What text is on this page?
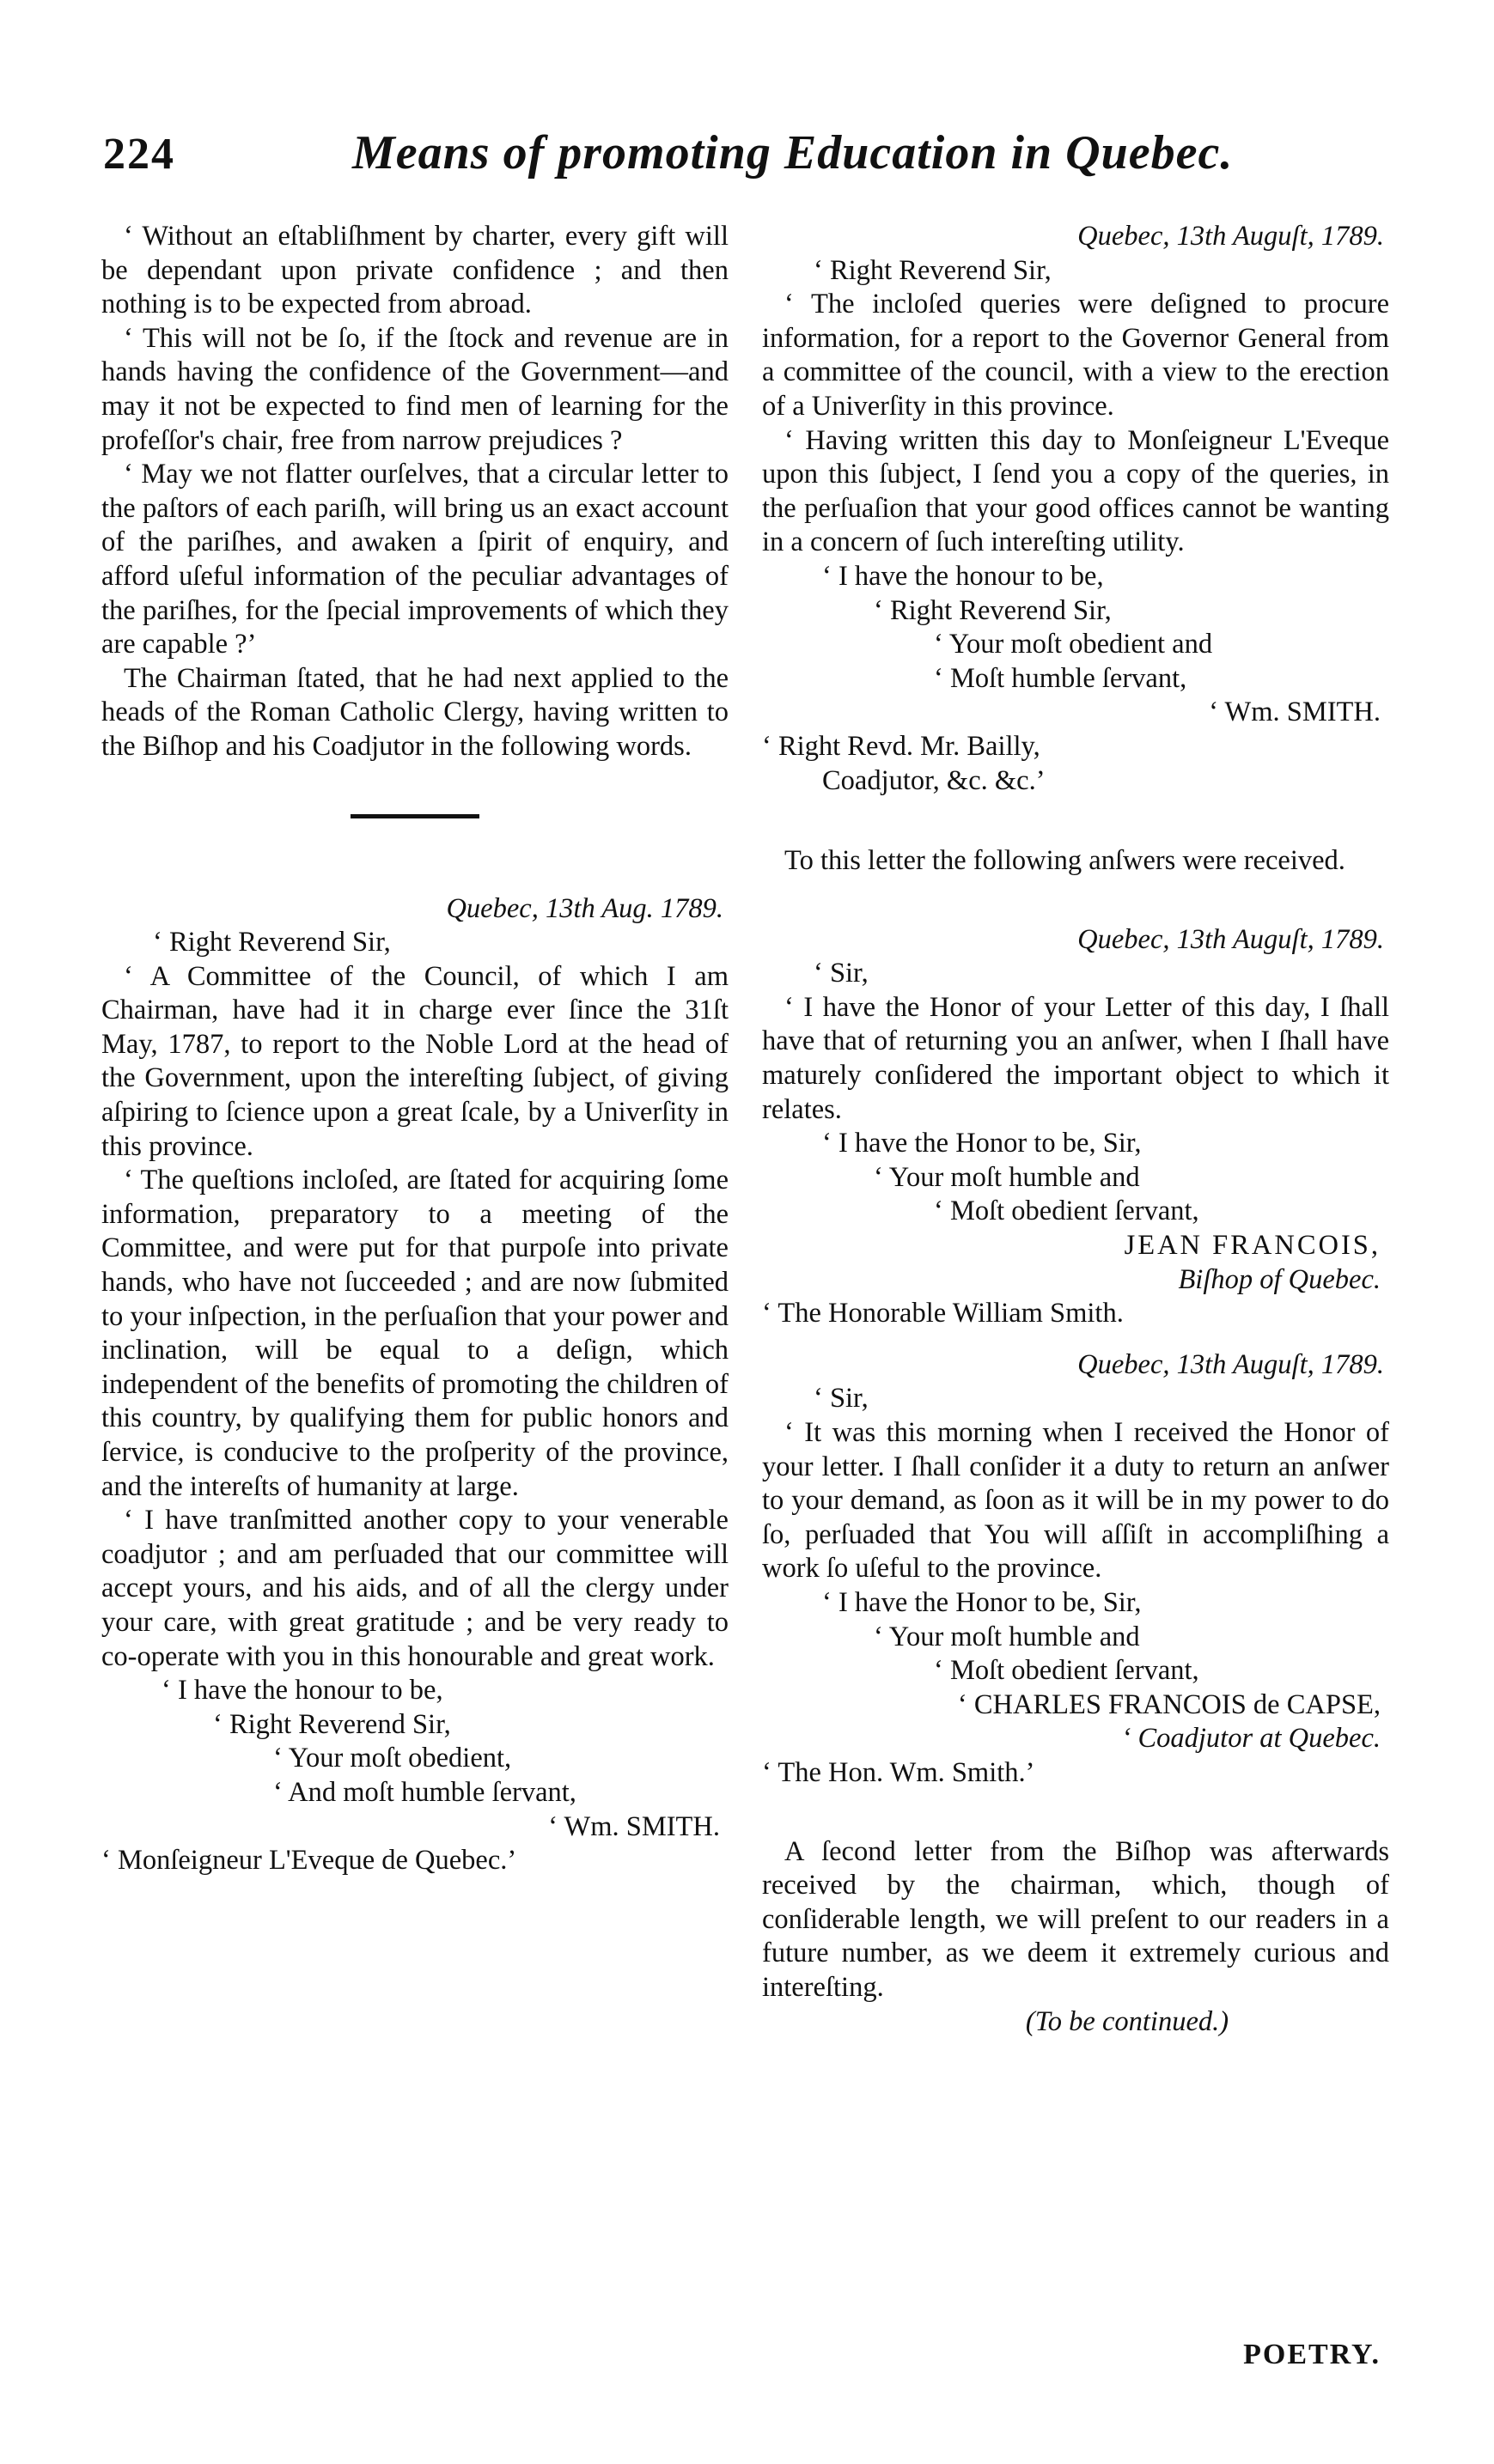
224	Means of promoting Education in Quebec.

‘ Without an eſtabliſhment by charter, every gift will be dependant upon private confidence ; and then nothing is to be expected from abroad.

‘ This will not be ſo, if the ſtock and revenue are in hands having the confidence of the Government—and may it not be expected to find men of learning for the profeſſor's chair, free from narrow prejudices ?

‘ May we not flatter ourſelves, that a circular letter to the paſtors of each pariſh, will bring us an exact account of the pariſhes, and awaken a ſpirit of enquiry, and afford uſeful information of the peculiar advantages of the pariſhes, for the ſpecial improvements of which they are capable ?’

The Chairman ſtated, that he had next applied to the heads of the Roman Catholic Clergy, having written to the Biſhop and his Coadjutor in the following words.

Quebec, 13th Aug. 1789.

‘ Right Reverend Sir,

‘ A Committee of the Council, of which I am Chairman, have had it in charge ever ſince the 31ſt May, 1787, to report to the Noble Lord at the head of the Government, upon the intereſting ſubject, of giving aſpiring to ſcience upon a great ſcale, by a Univerſity in this province.

‘ The queſtions incloſed, are ſtated for acquiring ſome information, preparatory to a meeting of the Committee, and were put for that purpoſe into private hands, who have not ſucceeded ; and are now ſubmited to your inſpection, in the perſuaſion that your power and inclination, will be equal to a deſign, which independent of the benefits of promoting the children of this country, by qualifying them for public honors and ſervice, is conducive to the proſperity of the province, and the intereſts of humanity at large.

‘ I have tranſmitted another copy to your venerable coadjutor ; and am perſuaded that our committee will accept yours, and his aids, and of all the clergy under your care, with great gratitude ; and be very ready to co-operate with you in this honourable and great work.

‘ I have the honour to be,

‘ Right Reverend Sir,

‘ Your moſt obedient,

‘ And moſt humble ſervant,

‘ Wm. SMITH.

‘ Monſeigneur L'Eveque de Quebec.’

Quebec, 13th Auguſt, 1789.

‘ Right Reverend Sir,

‘ The incloſed queries were deſigned to procure information, for a report to the Governor General from a committee of the council, with a view to the erection of a Univerſity in this province.

‘ Having written this day to Monſeigneur L'Eveque upon this ſubject, I ſend you a copy of the queries, in the perſuaſion that your good offices cannot be wanting in a concern of ſuch intereſting utility.

‘ I have the honour to be,

‘ Right Reverend Sir,

‘ Your moſt obedient and

‘ Moſt humble ſervant,

‘ Wm. SMITH.

‘ Right Revd. Mr. Bailly,

Coadjutor, &c. &c.’

To this letter the following anſwers were received.

Quebec, 13th Auguſt, 1789.

‘ Sir,

‘ I have the Honor of your Letter of this day, I ſhall have that of returning you an anſwer, when I ſhall have maturely conſidered the important object to which it relates.

‘ I have the Honor to be, Sir,

‘ Your moſt humble and

‘ Moſt obedient ſervant,

JEAN FRANCOIS,

Biſhop of Quebec.

‘ The Honorable William Smith.

Quebec, 13th Auguſt, 1789.

‘ Sir,

‘ It was this morning when I received the Honor of your letter. I ſhall conſider it a duty to return an anſwer to your demand, as ſoon as it will be in my power to do ſo, perſuaded that You will aſſiſt in accompliſhing a work ſo uſeful to the province.

‘ I have the Honor to be, Sir,

‘ Your moſt humble and

‘ Moſt obedient ſervant,

‘ CHARLES FRANCOIS de CAPSE,

‘ Coadjutor at Quebec.

‘ The Hon. Wm. Smith.’

A ſecond letter from the Biſhop was afterwards received by the chairman, which, though of conſiderable length, we will preſent to our readers in a future number, as we deem it extremely curious and intereſting.

(To be continued.)

POETRY.
